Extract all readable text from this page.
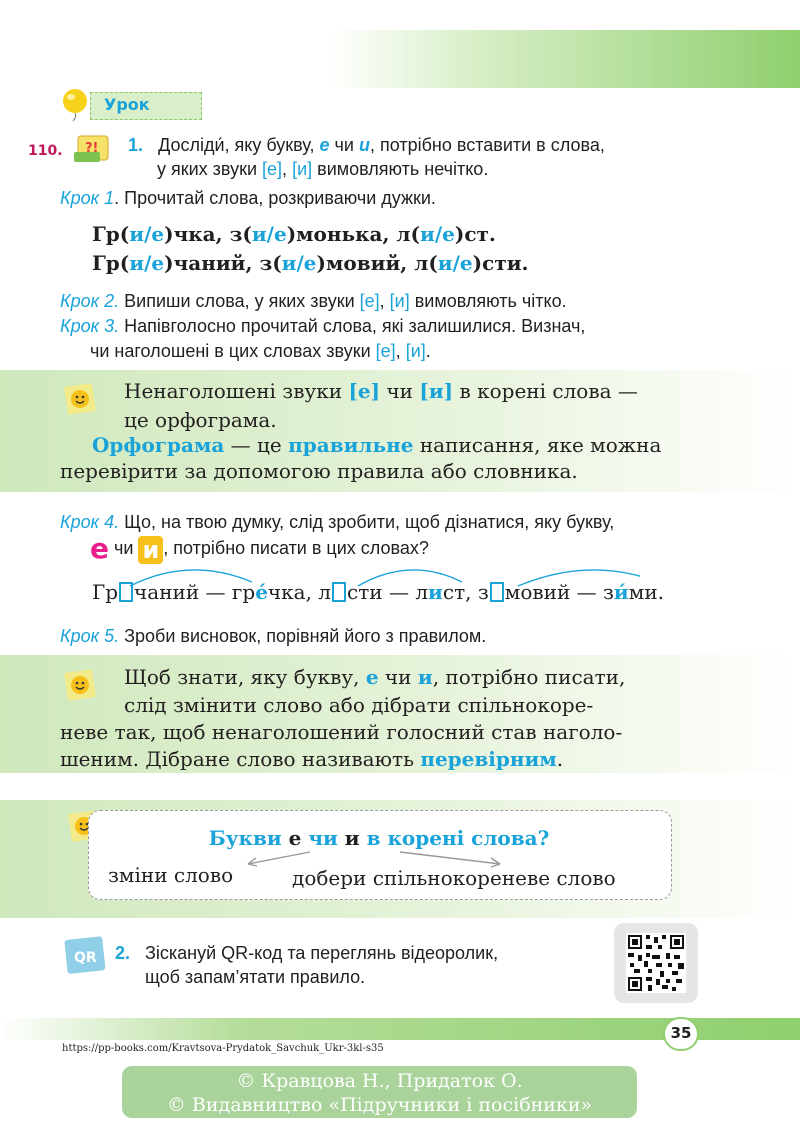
Урок
110. ?! 1. Досліди́, яку букву, е чи и, потрібно вставити в слова,
у яких звуки [е], [и] вимовляють нечітко.
Крок 1. Прочитай слова, розкриваючи дужки.
Гр(и/е)чка, з(и/е)монька, л(и/е)ст.
Гр(и/е)чаний, з(и/е)мовий, л(и/е)сти.
Крок 2. Випиши слова, у яких звуки [е], [и] вимовляють чітко.
Крок 3. Напівголосно прочитай слова, які залишилися. Визнач,
чи наголошені в цих словах звуки [е], [и].
Ненаголошені звуки [е] чи [и] в корені слова —
це орфограма.
Орфограма — це правильне написання, яке можна
перевірити за допомогою правила або словника.
Крок 4. Що, на твою думку, слід зробити, щоб дізнатися, яку букву,
е чи и , потрібно писати в цих словах?
Гр чаний — гре́чка, л сти — лист, з мовий — зи́ми.
Крок 5. Зроби висновок, порівняй його з правилом.
Щоб знати, яку букву, е чи и, потрібно писати,
слід змінити слово або дібрати спільнокоре-
неве так, щоб ненаголошений голосний став наголо-
шеним. Дібране слово називають перевірним.
Букви е чи и в корені слова?
зміни слово	добери спільнокореневе слово
QR 2. Зіскануй QR-код та переглянь відеоролик,
щоб запам’ятати правило.
35
https://pp-books.com/Kravtsova-Prydatok_Savchuk_Ukr-3kl-s35
© Кравцова Н., Придаток О.
© Видавництво «Підручники і посібники»
